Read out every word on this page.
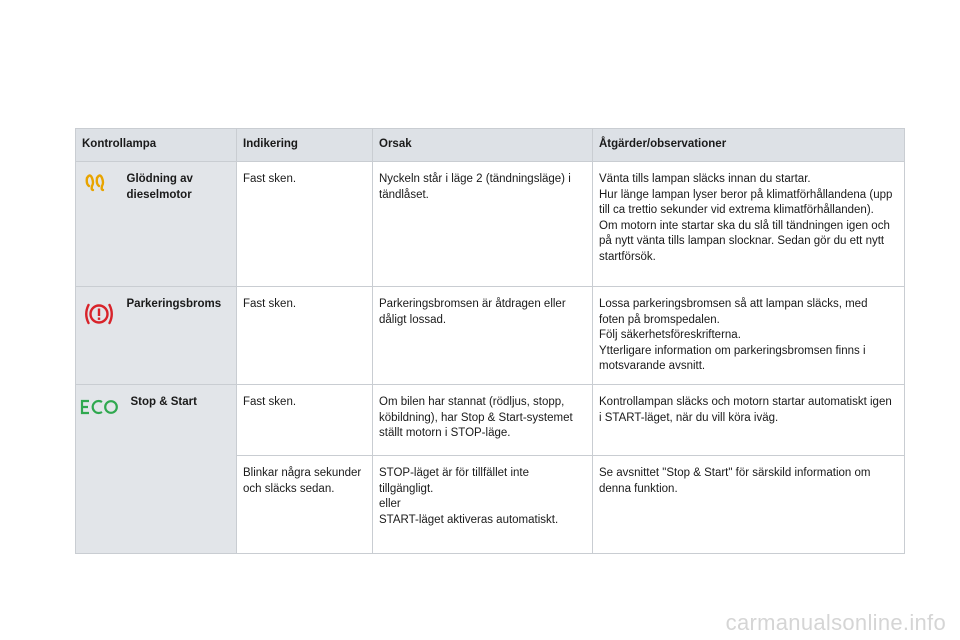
Kontrollampa		Indikering	Orsak	Åtgärder/observationer

	Glödning av dieselmotor	Fast sken.	Nyckeln står i läge 2 (tändningsläge) i tändlåset.	Vänta tills lampan släcks innan du startar.
Hur länge lampan lyser beror på klimatförhållandena (upp till ca trettio sekunder vid extrema klimatförhållanden).
Om motorn inte startar ska du slå till tändningen igen och på nytt vänta tills lampan slocknar. Sedan gör du ett nytt startförsök.

	Parkeringsbroms	Fast sken.	Parkeringsbromsen är åtdragen eller dåligt lossad.	Lossa parkeringsbromsen så att lampan släcks, med foten på bromspedalen.
Följ säkerhetsföreskrifterna.
Ytterligare information om parkeringsbromsen finns i motsvarande avsnitt.

	Stop & Start	Fast sken.	Om bilen har stannat (rödljus, stopp, köbildning), har Stop & Start-systemet ställt motorn i STOP-läge.	Kontrollampan släcks och motorn startar automatiskt igen i START-läget, när du vill köra iväg.

		Blinkar några sekunder och släcks sedan.	STOP-läget är för tillfället inte tillgängligt.
eller
START-läget aktiveras automatiskt.	Se avsnittet "Stop & Start" för särskild information om denna funktion.
carmanualsonline.info
